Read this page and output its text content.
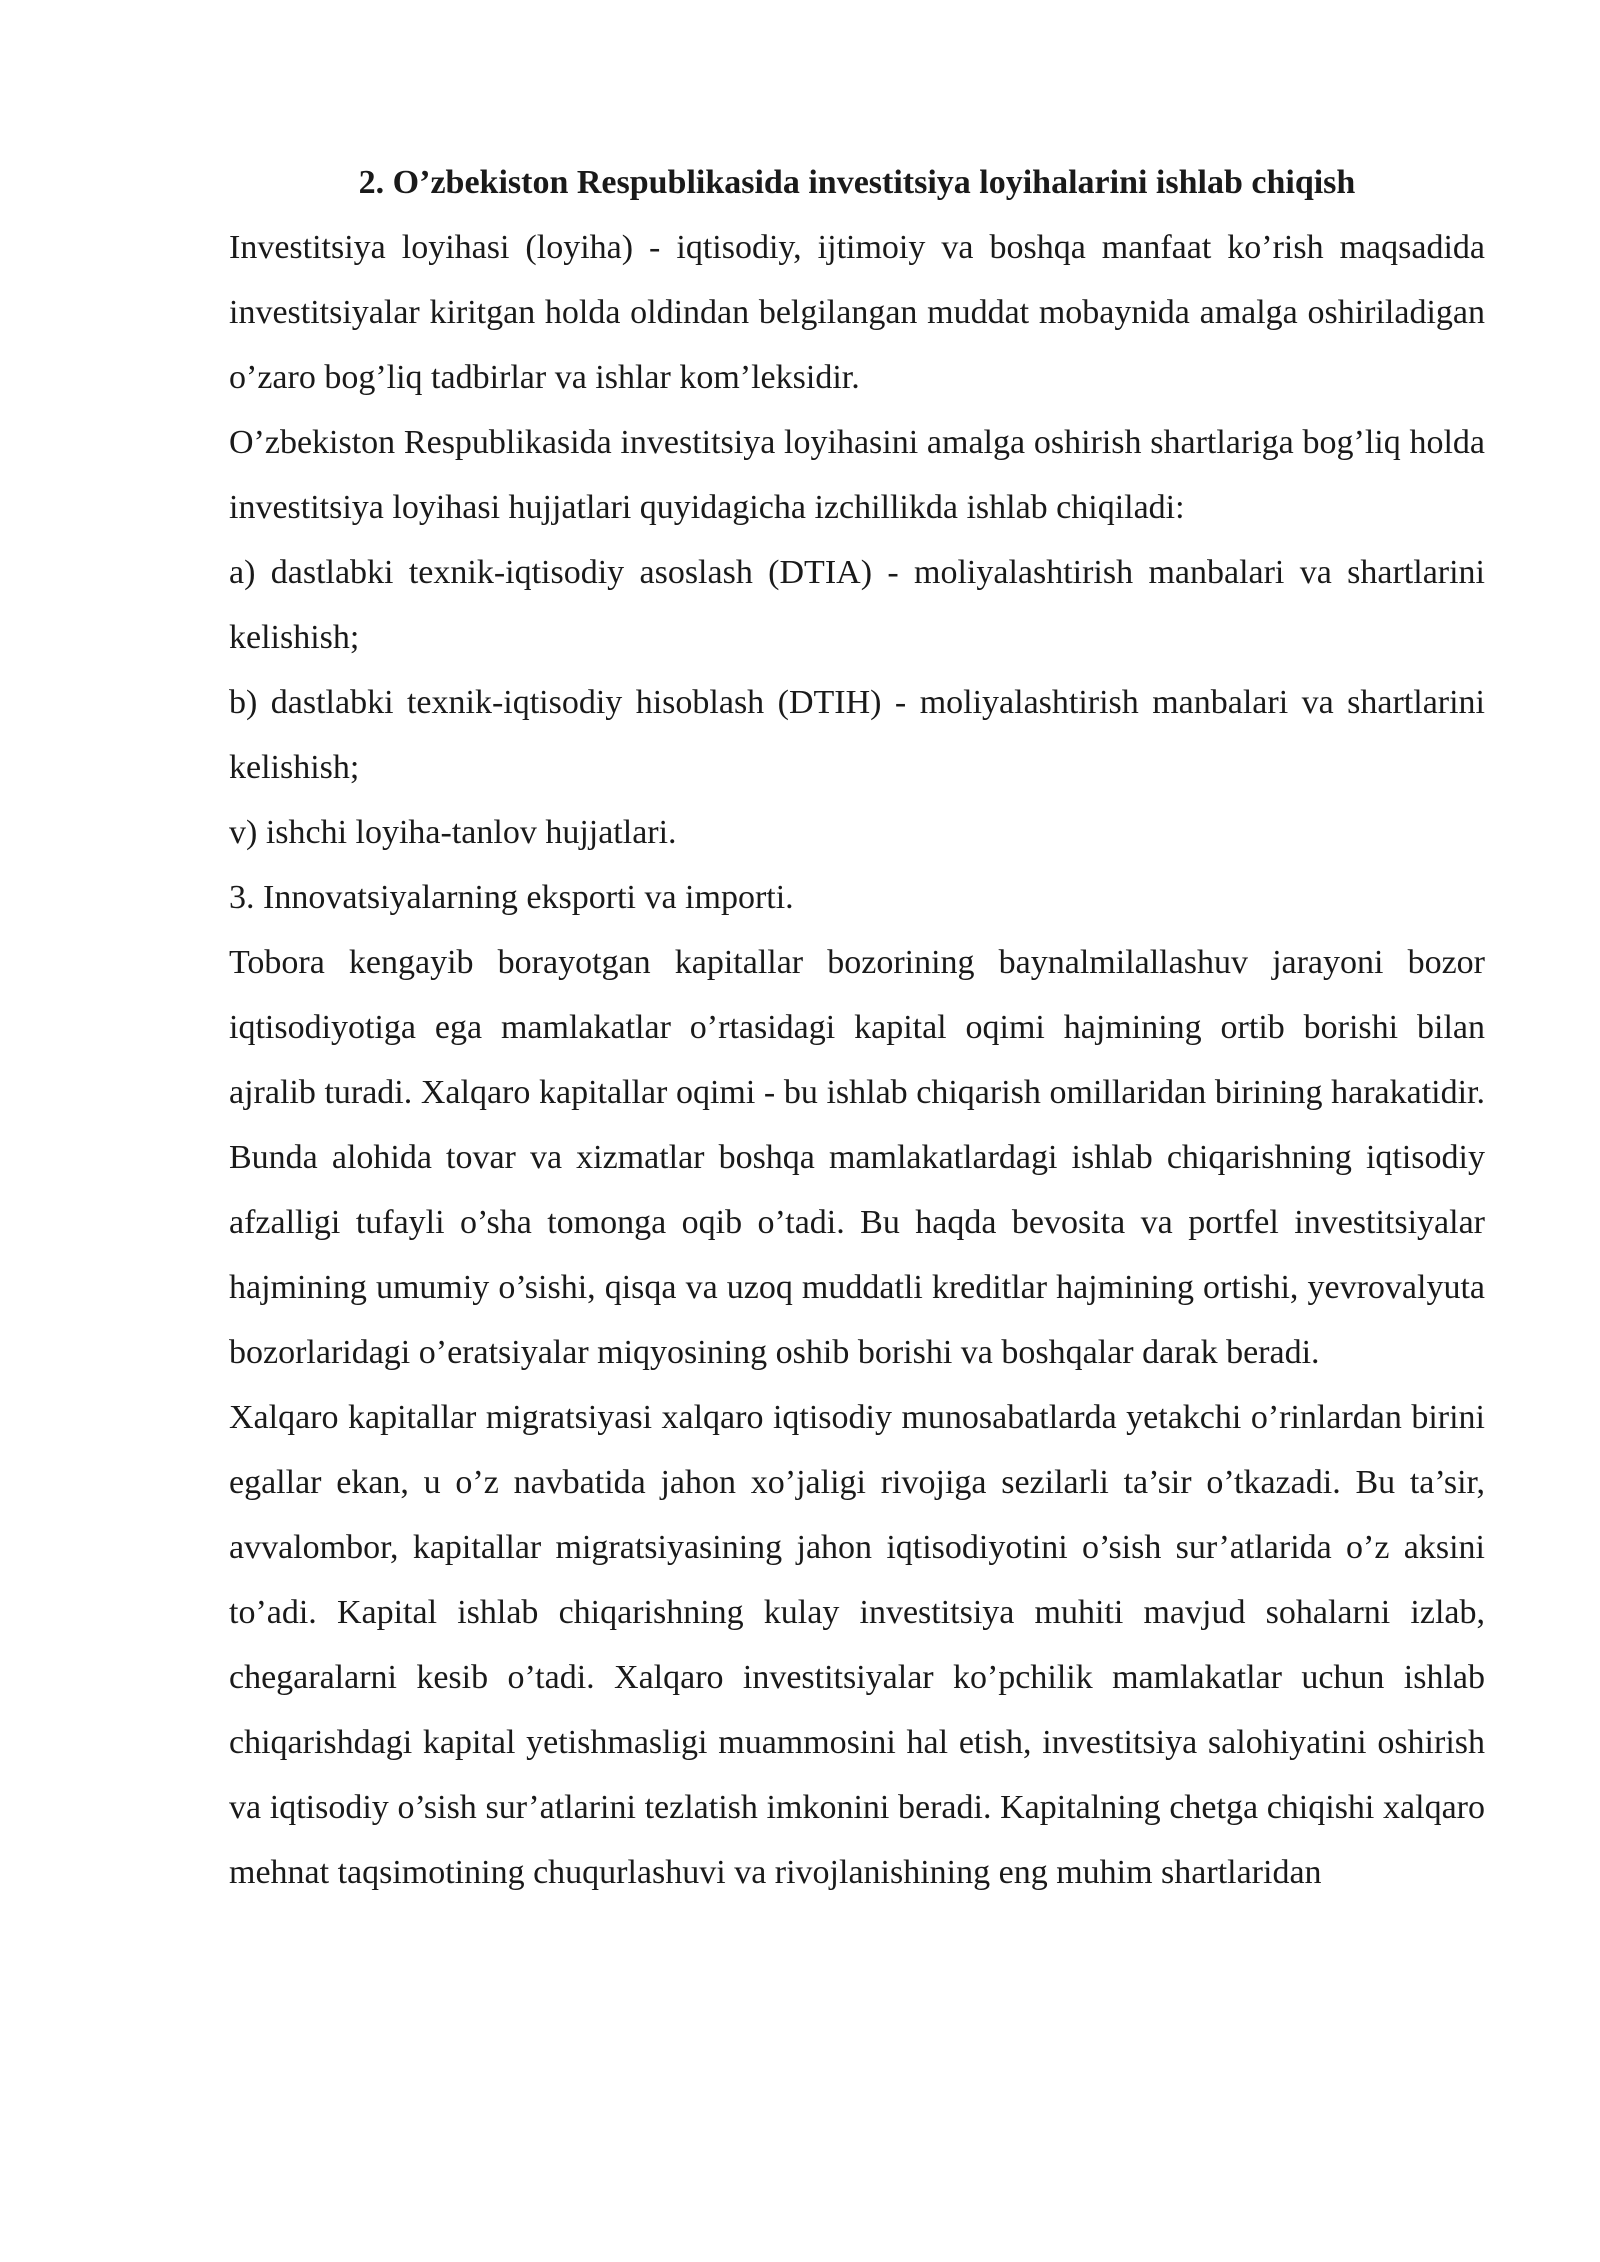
2. O’zbekiston Respublikasida investitsiya loyihalarini ishlab chiqish

Investitsiya loyihasi (loyiha) - iqtisodiy, ijtimoiy va boshqa manfaat ko’rish maqsadida investitsiyalar kiritgan holda oldindan belgilangan muddat mobaynida amalga oshiriladigan o’zaro bog’liq tadbirlar va ishlar kom’leksidir.

O’zbekiston Respublikasida investitsiya loyihasini amalga oshirish shartlariga bog’liq holda investitsiya loyihasi hujjatlari quyidagicha izchillikda ishlab chiqiladi:

a) dastlabki texnik-iqtisodiy asoslash (DTIA) - moliyalashtirish manbalari va shartlarini kelishish;

b) dastlabki texnik-iqtisodiy hisoblash (DTIH) - moliyalashtirish manbalari va shartlarini kelishish;

v) ishchi loyiha-tanlov hujjatlari.

3. Innovatsiyalarning eksporti va importi.

Tobora kengayib borayotgan kapitallar bozorining baynalmilallashuv jarayoni bozor iqtisodiyotiga ega mamlakatlar o’rtasidagi kapital oqimi hajmining ortib borishi bilan ajralib turadi. Xalqaro kapitallar oqimi - bu ishlab chiqarish omillaridan birining harakatidir. Bunda alohida tovar va xizmatlar boshqa mamlakatlardagi ishlab chiqarishning iqtisodiy afzalligi tufayli o’sha tomonga oqib o’tadi. Bu haqda bevosita va portfel investitsiyalar hajmining umumiy o’sishi, qisqa va uzoq muddatli kreditlar hajmining ortishi, yevrovalyuta bozorlaridagi o’eratsiyalar miqyosining oshib borishi va boshqalar darak beradi.

Xalqaro kapitallar migratsiyasi xalqaro iqtisodiy munosabatlarda yetakchi o’rinlardan birini egallar ekan, u o’z navbatida jahon xo’jaligi rivojiga sezilarli ta’sir o’tkazadi. Bu ta’sir, avvalombor, kapitallar migratsiyasining jahon iqtisodiyotini o’sish sur’atlarida o’z aksini to’adi. Kapital ishlab chiqarishning kulay investitsiya muhiti mavjud sohalarni izlab, chegaralarni kesib o’tadi. Xalqaro investitsiyalar ko’pchilik mamlakatlar uchun ishlab chiqarishdagi kapital yetishmasligi muammosini hal etish, investitsiya salohiyatini oshirish va iqtisodiy o’sish sur’atlarini tezlatish imkonini beradi. Kapitalning chetga chiqishi xalqaro mehnat taqsimotining chuqurlashuvi va rivojlanishining eng muhim shartlaridan
